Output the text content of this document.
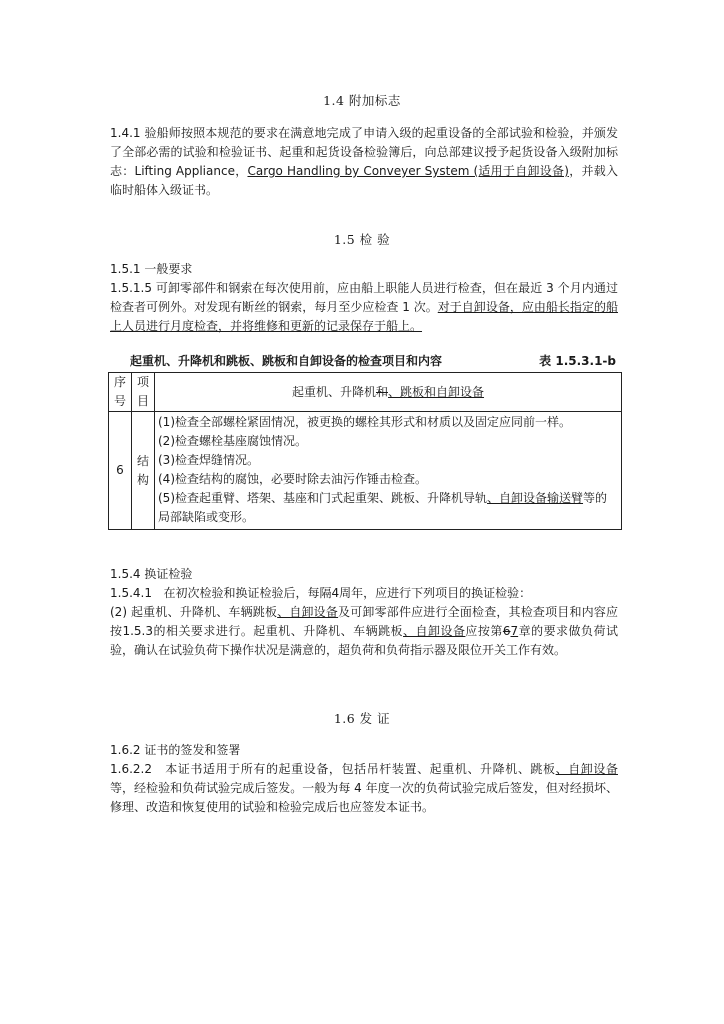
1.4 附加标志
1.4.1 验船师按照本规范的要求在满意地完成了申请入级的起重设备的全部试验和检验，并颁发了全部必需的试验和检验证书、起重和起货设备检验簿后，向总部建议授予起货设备入级附加标志：Lifting Appliance，Cargo Handling by Conveyer System (适用于自卸设备)，并载入临时船体入级证书。
1.5 检 验
1.5.1 一般要求
1.5.1.5 可卸零部件和钢索在每次使用前，应由船上职能人员进行检查，但在最近 3 个月内通过检查者可例外。对发现有断丝的钢索，每月至少应检查 1 次。对于自卸设备，应由船长指定的船上人员进行月度检查，并将维修和更新的记录保存于船上。
起重机、升降机和跳板、跳板和自卸设备的检查项目和内容	表 1.5.3.1-b
序号	项目	起重机、升降机和、跳板和自卸设备
6	结构	(1)检查全部螺栓紧固情况，被更换的螺栓其形式和材质以及固定应同前一样。
(2)检查螺栓基座腐蚀情况。
(3)检查焊缝情况。
(4)检查结构的腐蚀，必要时除去油污作锤击检查。
(5)检查起重臂、塔架、基座和门式起重架、跳板、升降机导轨、自卸设备输送臂等的局部缺陷或变形。
1.5.4 换证检验
1.5.4.1 在初次检验和换证检验后，每隔4周年，应进行下列项目的换证检验：
(2) 起重机、升降机、车辆跳板、自卸设备及可卸零部件应进行全面检查，其检查项目和内容应按1.5.3的相关要求进行。起重机、升降机、车辆跳板、自卸设备应按第67章的要求做负荷试验，确认在试验负荷下操作状况是满意的，超负荷和负荷指示器及限位开关工作有效。
1.6 发 证
1.6.2 证书的签发和签署
1.6.2.2 本证书适用于所有的起重设备，包括吊杆装置、起重机、升降机、跳板、自卸设备等，经检验和负荷试验完成后签发。一般为每 4 年度一次的负荷试验完成后签发，但对经损坏、修理、改造和恢复使用的试验和检验完成后也应签发本证书。
